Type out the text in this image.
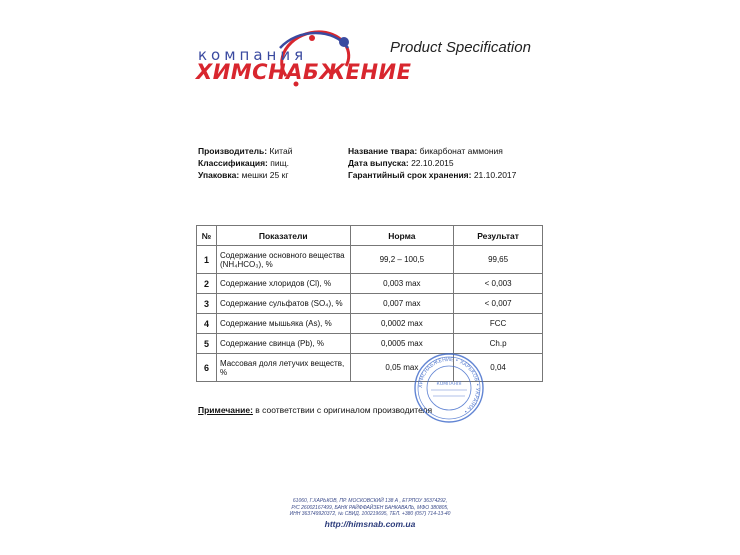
компания
ХИМСНАБЖЕНИЕ
Product Specification
Производитель: Китай
Классификация: пищ.
Упаковка: мешки 25 кг
Название твара: бикарбонат аммония
Дата выпуска: 22.10.2015
Гарантийный срок хранения: 21.10.2017
№	Показатели	Норма	Результат
1	Содержание основного вещества (NH₄HCO₃), %	99,2 – 100,5	99,65
2	Содержание хлоридов (Cl), %	0,003 max	< 0,003
3	Содержание сульфатов (SO₄), %	0,007 max	< 0,007
4	Содержание мышьяка (As), %	0,0002 max	FCC
5	Содержание свинца (Pb), %	0,0005 max	Ch.p
6	Массовая доля летучих веществ, %	0,05 max	0,04
Примечание: в соответствии с оригиналом производителя
ХИМСНАБЖЕНИЕ • ХАРЬКОВ • УКРАЇНА •
КОМПАНІЯ
61060, Г.ХАРЬКОВ, ПР. МОСКОВСКИЙ 138 А , ЕГРПОУ 36374292,
Р/С 26002167499, БАНК РАЙФФАЙЗЕН БАНКАВАЛЬ, МФО 380805,
ИНН 363749920372, № СВИД. 100219695, ТЕЛ. +380 (057) 714-13-40
http://himsnab.com.ua
